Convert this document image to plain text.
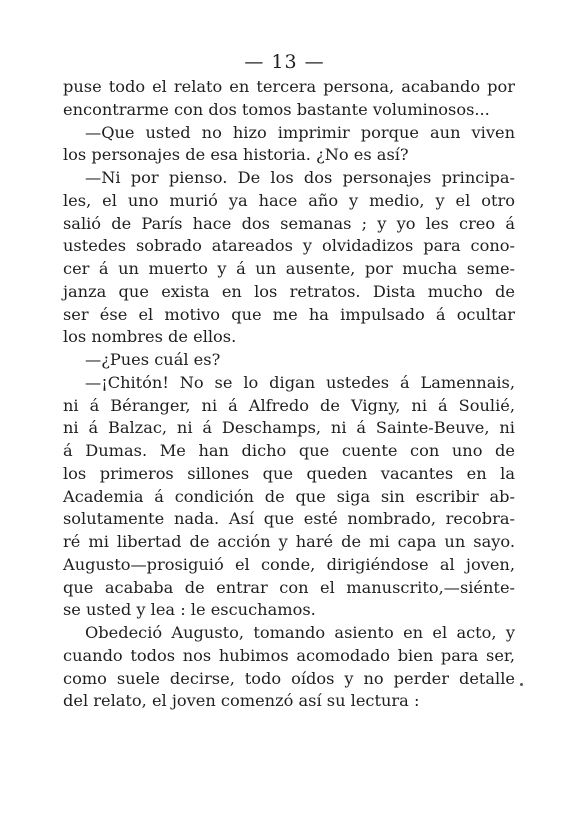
— 13 —
puse todo el relato en tercera persona, acabando por
encontrarme con dos tomos bastante voluminosos...
—Que usted no hizo imprimir porque aun viven
los personajes de esa historia. ¿No es así?
—Ni por pienso. De los dos personajes principa-
les, el uno murió ya hace año y medio, y el otro
salió de París hace dos semanas ; y yo les creo á
ustedes sobrado atareados y olvidadizos para cono-
cer á un muerto y á un ausente, por mucha seme-
janza que exista en los retratos. Dista mucho de
ser ése el motivo que me ha impulsado á ocultar
los nombres de ellos.
—¿Pues cuál es?
—¡Chitón! No se lo digan ustedes á Lamennais,
ni á Béranger, ni á Alfredo de Vigny, ni á Soulié,
ni á Balzac, ni á Deschamps, ni á Sainte-Beuve, ni
á Dumas. Me han dicho que cuente con uno de
los primeros sillones que queden vacantes en la
Academia á condición de que siga sin escribir ab-
solutamente nada. Así que esté nombrado, recobra-
ré mi libertad de acción y haré de mi capa un sayo.
Augusto—prosiguió el conde, dirigiéndose al joven,
que acababa de entrar con el manuscrito,—siénte-
se usted y lea : le escuchamos.
Obedeció Augusto, tomando asiento en el acto, y
cuando todos nos hubimos acomodado bien para ser,
como suele decirse, todo oídos y no perder detalle
del relato, el joven comenzó así su lectura :
